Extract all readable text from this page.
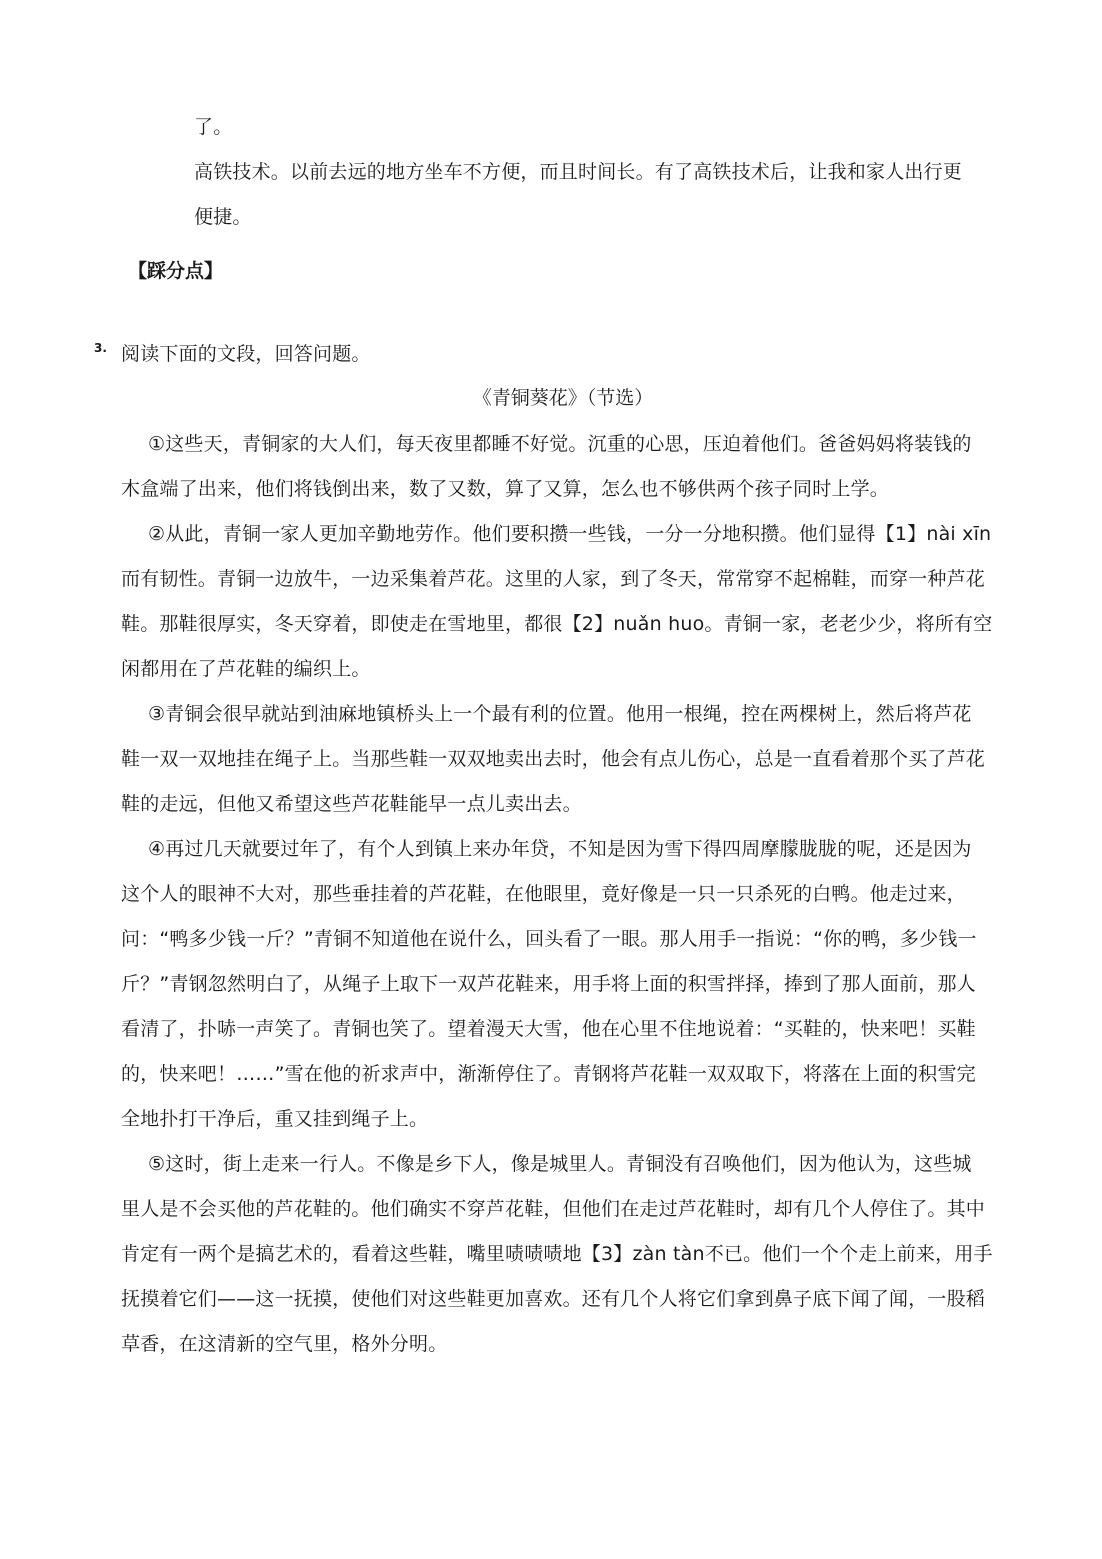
了。
高铁技术。以前去远的地方坐车不方便，而且时间长。有了高铁技术后，让我和家人出行更
便捷。
【踩分点】
3. 阅读下面的文段，回答问题。
《青铜葵花》（节选）
①这些天，青铜家的大人们，每天夜里都睡不好觉。沉重的心思，压迫着他们。爸爸妈妈将装钱的
木盒端了出来，他们将钱倒出来，数了又数，算了又算，怎么也不够供两个孩子同时上学。
②从此，青铜一家人更加辛勤地劳作。他们要积攒一些钱，一分一分地积攒。他们显得【1】nài xīn
而有韧性。青铜一边放牛，一边采集着芦花。这里的人家，到了冬天，常常穿不起棉鞋，而穿一种芦花
鞋。那鞋很厚实，冬天穿着，即使走在雪地里，都很【2】nuǎn huo。青铜一家，老老少少，将所有空
闲都用在了芦花鞋的编织上。
③青铜会很早就站到油麻地镇桥头上一个最有利的位置。他用一根绳，控在两棵树上，然后将芦花
鞋一双一双地挂在绳子上。当那些鞋一双双地卖出去时，他会有点儿伤心，总是一直看着那个买了芦花
鞋的走远，但他又希望这些芦花鞋能早一点儿卖出去。
④再过几天就要过年了，有个人到镇上来办年贷，不知是因为雪下得四周摩朦胧胧的呢，还是因为
这个人的眼神不大对，那些垂挂着的芦花鞋，在他眼里，竟好像是一只一只杀死的白鸭。他走过来，
问：“鸭多少钱一斤？”青铜不知道他在说什么，回头看了一眼。那人用手一指说：“你的鸭，多少钱一
斤？”青钢忽然明白了，从绳子上取下一双芦花鞋来，用手将上面的积雪拌择，捧到了那人面前，那人
看清了，扑哧一声笑了。青铜也笑了。望着漫天大雪，他在心里不住地说着：“买鞋的，快来吧！买鞋
的，快来吧！……”雪在他的祈求声中，渐渐停住了。青钢将芦花鞋一双双取下，将落在上面的积雪完
全地扑打干净后，重又挂到绳子上。
⑤这时，街上走来一行人。不像是乡下人，像是城里人。青铜没有召唤他们，因为他认为，这些城
里人是不会买他的芦花鞋的。他们确实不穿芦花鞋，但他们在走过芦花鞋时，却有几个人停住了。其中
肯定有一两个是搞艺术的，看着这些鞋，嘴里啧啧啧地【3】zàn tàn不已。他们一个个走上前来，用手
抚摸着它们——这一抚摸，使他们对这些鞋更加喜欢。还有几个人将它们拿到鼻子底下闻了闻，一股稻
草香，在这清新的空气里，格外分明。
